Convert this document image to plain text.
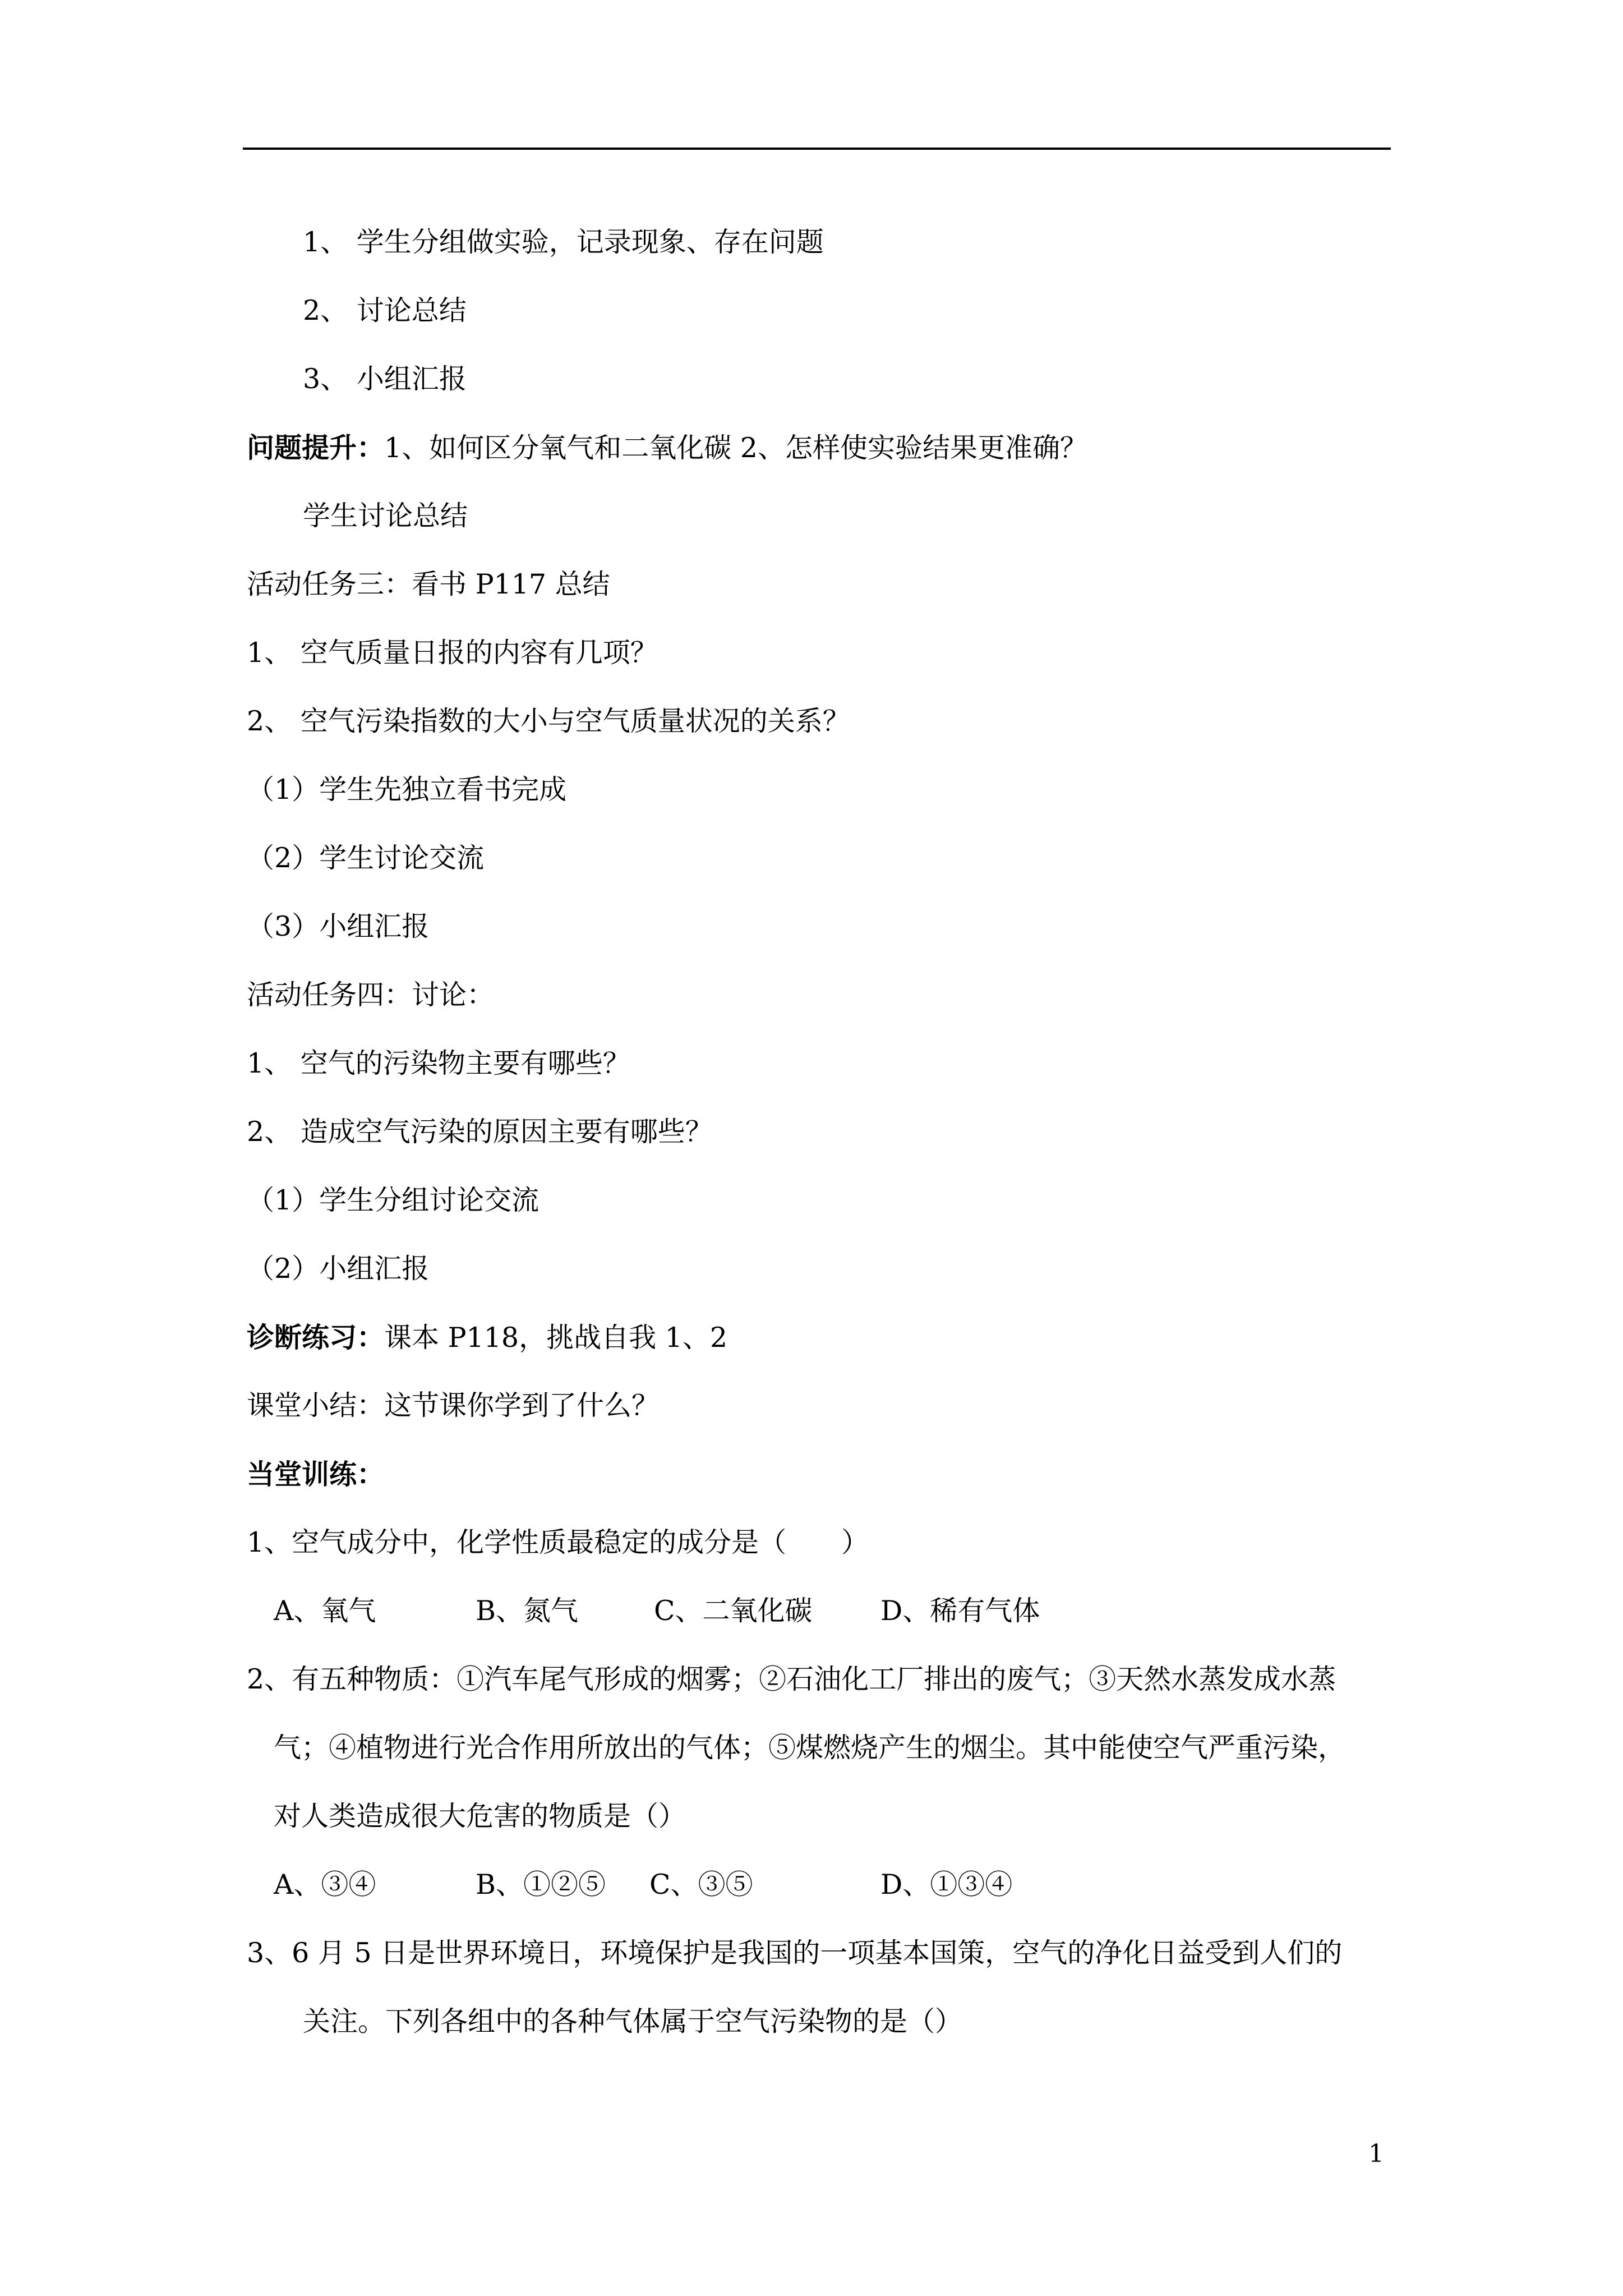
1、 学生分组做实验，记录现象、存在问题
2、 讨论总结
3、 小组汇报
问题提升：1、如何区分氧气和二氧化碳 2、怎样使实验结果更准确？
学生讨论总结
活动任务三：看书 P117 总结
1、 空气质量日报的内容有几项？
2、 空气污染指数的大小与空气质量状况的关系？
（1）学生先独立看书完成
（2）学生讨论交流
（3）小组汇报
活动任务四：讨论：
1、 空气的污染物主要有哪些？
2、 造成空气污染的原因主要有哪些？
（1）学生分组讨论交流
（2）小组汇报
诊断练习：课本 P118，挑战自我 1、2
课堂小结：这节课你学到了什么？
当堂训练：
1、空气成分中，化学性质最稳定的成分是（　　）
A、氧气	B、氮气	C、二氧化碳 D、稀有气体
2、有五种物质：①汽车尾气形成的烟雾；②石油化工厂排出的废气；③天然水蒸发成水蒸
气；④植物进行光合作用所放出的气体；⑤煤燃烧产生的烟尘。其中能使空气严重污染，
对人类造成很大危害的物质是（）
A、③④	B、①②⑤ C、③⑤	D、①③④
3、6 月 5 日是世界环境日，环境保护是我国的一项基本国策，空气的净化日益受到人们的
关注。下列各组中的各种气体属于空气污染物的是（）
1
